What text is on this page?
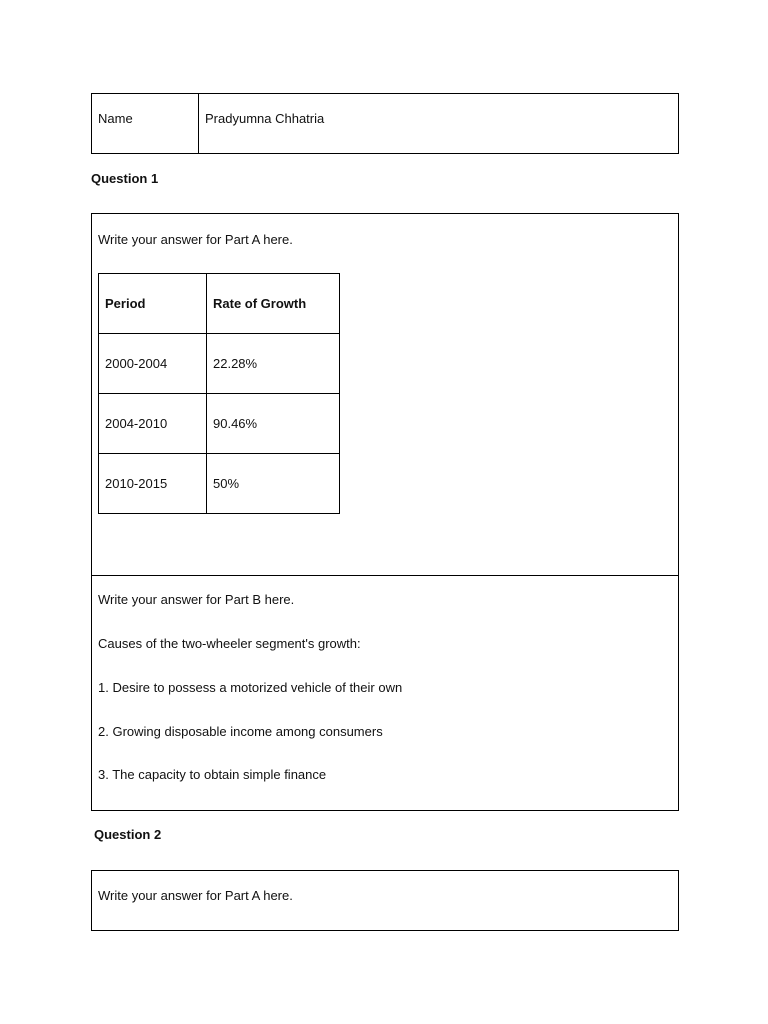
Name	Pradyumna Chhatria
Question 1
Write your answer for Part A here.
Period	Rate of Growth
2000-2004	22.28%
2004-2010	90.46%
2010-2015	50%
Write your answer for Part B here.
Causes of the two-wheeler segment's growth:
1. Desire to possess a motorized vehicle of their own
2. Growing disposable income among consumers
3. The capacity to obtain simple finance
Question 2
Write your answer for Part A here.
